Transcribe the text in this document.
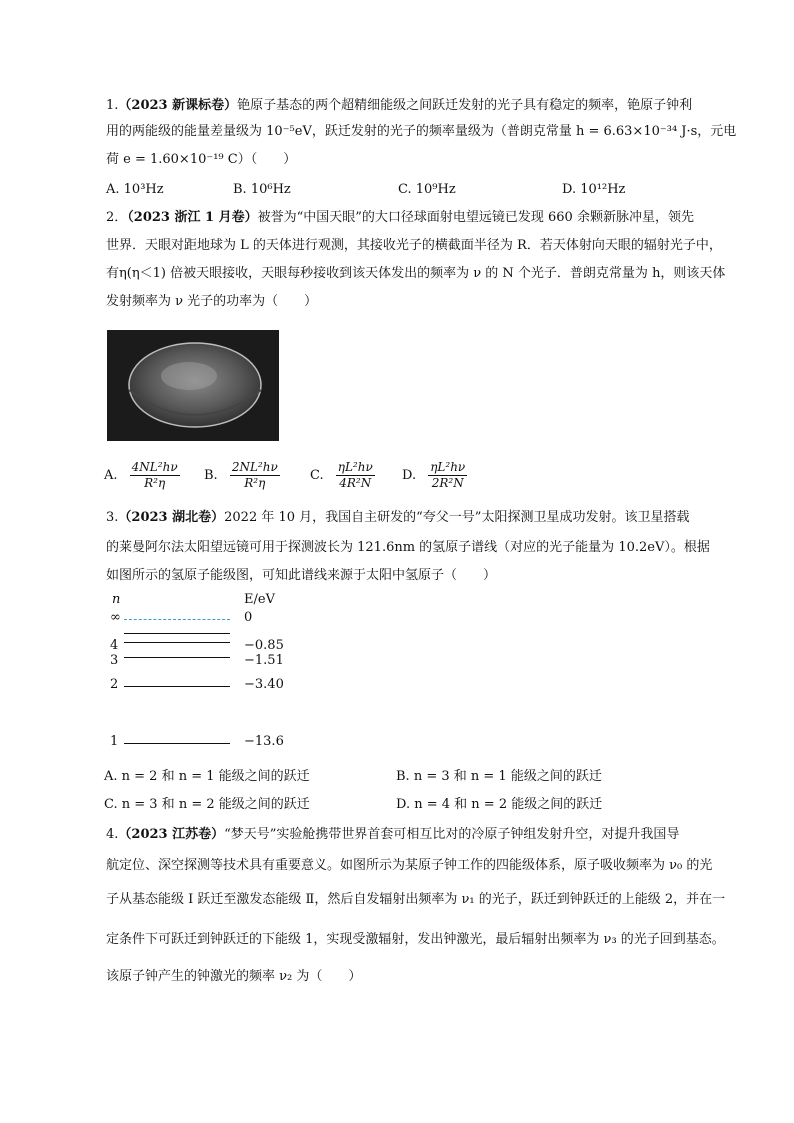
1.（2023 新课标卷）铯原子基态的两个超精细能级之间跃迁发射的光子具有稳定的频率，铯原子钟利
用的两能级的能量差量级为 10⁻⁵eV，跃迁发射的光子的频率量级为（普朗克常量 h = 6.63×10⁻³⁴ J·s，元电
荷 e = 1.60×10⁻¹⁹ C）（　　）
A. 10³Hz	B. 10⁶Hz	C. 10⁹Hz	D. 10¹²Hz
2．（2023 浙江 1 月卷）被誉为“中国天眼”的大口径球面射电望远镜已发现 660 余颗新脉冲星，领先
世界．天眼对距地球为 L 的天体进行观测，其接收光子的横截面半径为 R．若天体射向天眼的辐射光子中，
有η(η＜1) 倍被天眼接收，天眼每秒接收到该天体发出的频率为 ν 的 N 个光子．普朗克常量为 h，则该天体
发射频率为 ν 光子的功率为（　　）
A. $\frac{\text{4NL²hν}}{\text{R²η}} B$. $\frac{\text{2NL²hν}}{\text{R²η}} C$. $\frac{\text{ηL²hν}}{\text{4R²N}} D$. $\frac{\text{ηL²hν}}{\text{2R²N}}$
3.（2023 湖北卷）2022 年 10 月，我国自主研发的“夸父一号”太阳探测卫星成功发射。该卫星搭载
的莱曼阿尔法太阳望远镜可用于探测波长为 121.6nm 的氢原子谱线（对应的光子能量为 10.2eV）。根据
如图所示的氢原子能级图，可知此谱线来源于太阳中氢原子（　　）
n	E/eV
∞	0
4	−0.85
3	−1.51
2	−3.40
1	−13.6
A. n = 2 和 n = 1 能级之间的跃迁	B. n = 3 和 n = 1 能级之间的跃迁
C. n = 3 和 n = 2 能级之间的跃迁	D. n = 4 和 n = 2 能级之间的跃迁
4.（2023 江苏卷）“梦天号”实验舱携带世界首套可相互比对的冷原子钟组发射升空，对提升我国导
航定位、深空探测等技术具有重要意义。如图所示为某原子钟工作的四能级体系，原子吸收频率为 ν₀ 的光
子从基态能级 I 跃迁至激发态能级 Ⅱ，然后自发辐射出频率为 ν₁ 的光子，跃迁到钟跃迁的上能级 2，并在一
定条件下可跃迁到钟跃迁的下能级 1，实现受激辐射，发出钟激光，最后辐射出频率为 ν₃ 的光子回到基态。
该原子钟产生的钟激光的频率 ν₂ 为（　　）
